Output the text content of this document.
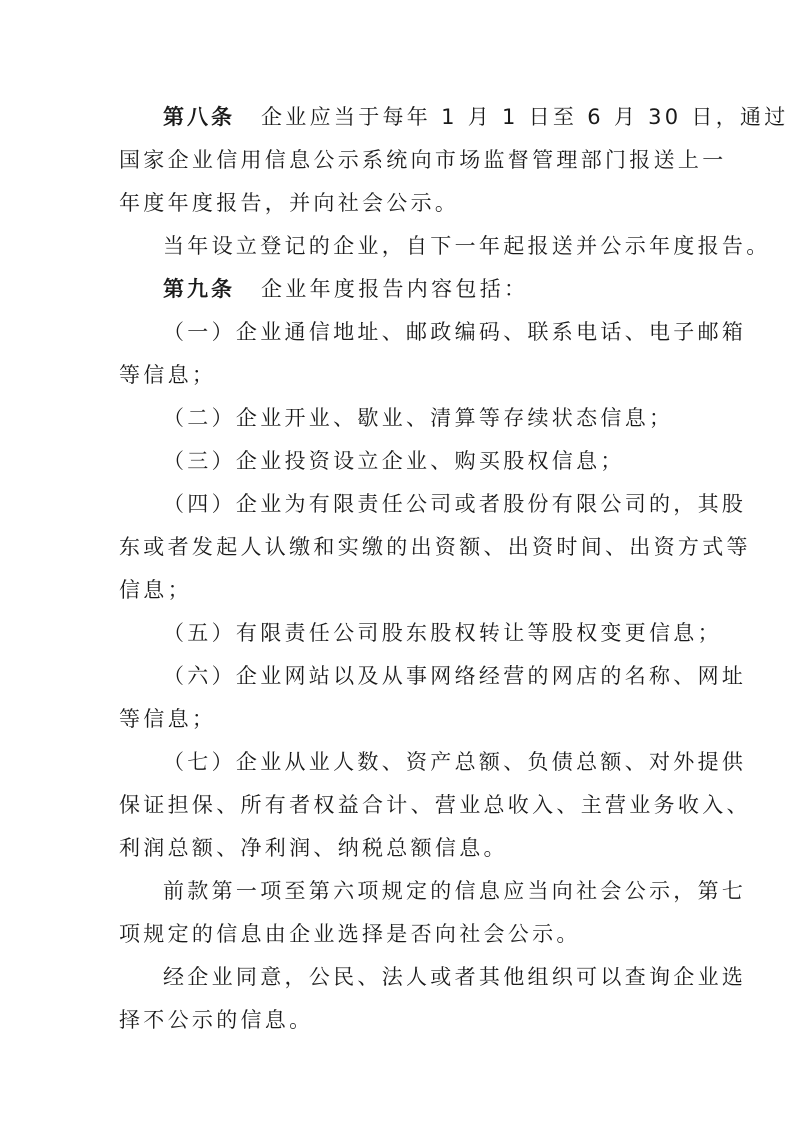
第八条 企业应当于每年 1 月 1 日至 6 月 30 日，通过
国家企业信用信息公示系统向市场监督管理部门报送上一
年度年度报告，并向社会公示。
当年设立登记的企业，自下一年起报送并公示年度报告。
第九条 企业年度报告内容包括：
（一）企业通信地址、邮政编码、联系电话、电子邮箱
等信息；
（二）企业开业、歇业、清算等存续状态信息；
（三）企业投资设立企业、购买股权信息；
（四）企业为有限责任公司或者股份有限公司的，其股
东或者发起人认缴和实缴的出资额、出资时间、出资方式等
信息；
（五）有限责任公司股东股权转让等股权变更信息；
（六）企业网站以及从事网络经营的网店的名称、网址
等信息；
（七）企业从业人数、资产总额、负债总额、对外提供
保证担保、所有者权益合计、营业总收入、主营业务收入、
利润总额、净利润、纳税总额信息。
前款第一项至第六项规定的信息应当向社会公示，第七
项规定的信息由企业选择是否向社会公示。
经企业同意，公民、法人或者其他组织可以查询企业选
择不公示的信息。
